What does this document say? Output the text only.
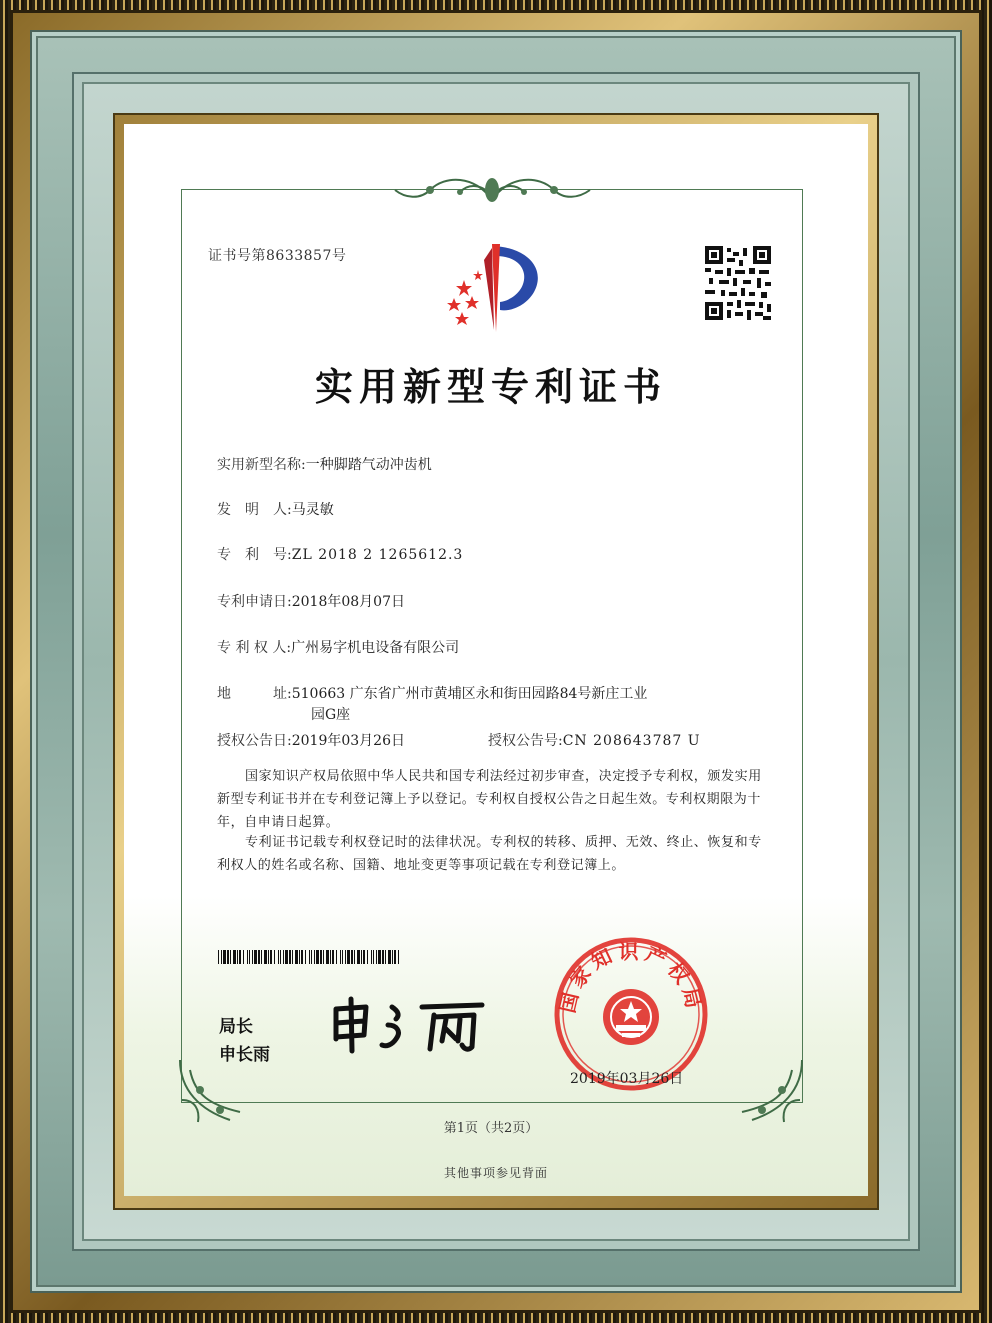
证书号第8633857号
实用新型专利证书
实用新型名称:一种脚踏气动冲齿机
发　明　人:马灵敏
专　利　号:ZL 2018 2 1265612.3
专利申请日:2018年08月07日
专 利 权 人:广州易字机电设备有限公司
地　　　址:510663 广东省广州市黄埔区永和街田园路84号新庄工业
园G座
授权公告日:2019年03月26日	授权公告号:CN 208643787 U
国家知识产权局依照中华人民共和国专利法经过初步审查，决定授予专利权，颁发实用新型专利证书并在专利登记簿上予以登记。专利权自授权公告之日起生效。专利权期限为十年，自申请日起算。
专利证书记载专利权登记时的法律状况。专利权的转移、质押、无效、终止、恢复和专利权人的姓名或名称、国籍、地址变更等事项记载在专利登记簿上。
局长
申长雨
国家知识产权局
2019年03月26日
第1页（共2页）
其他事项参见背面
